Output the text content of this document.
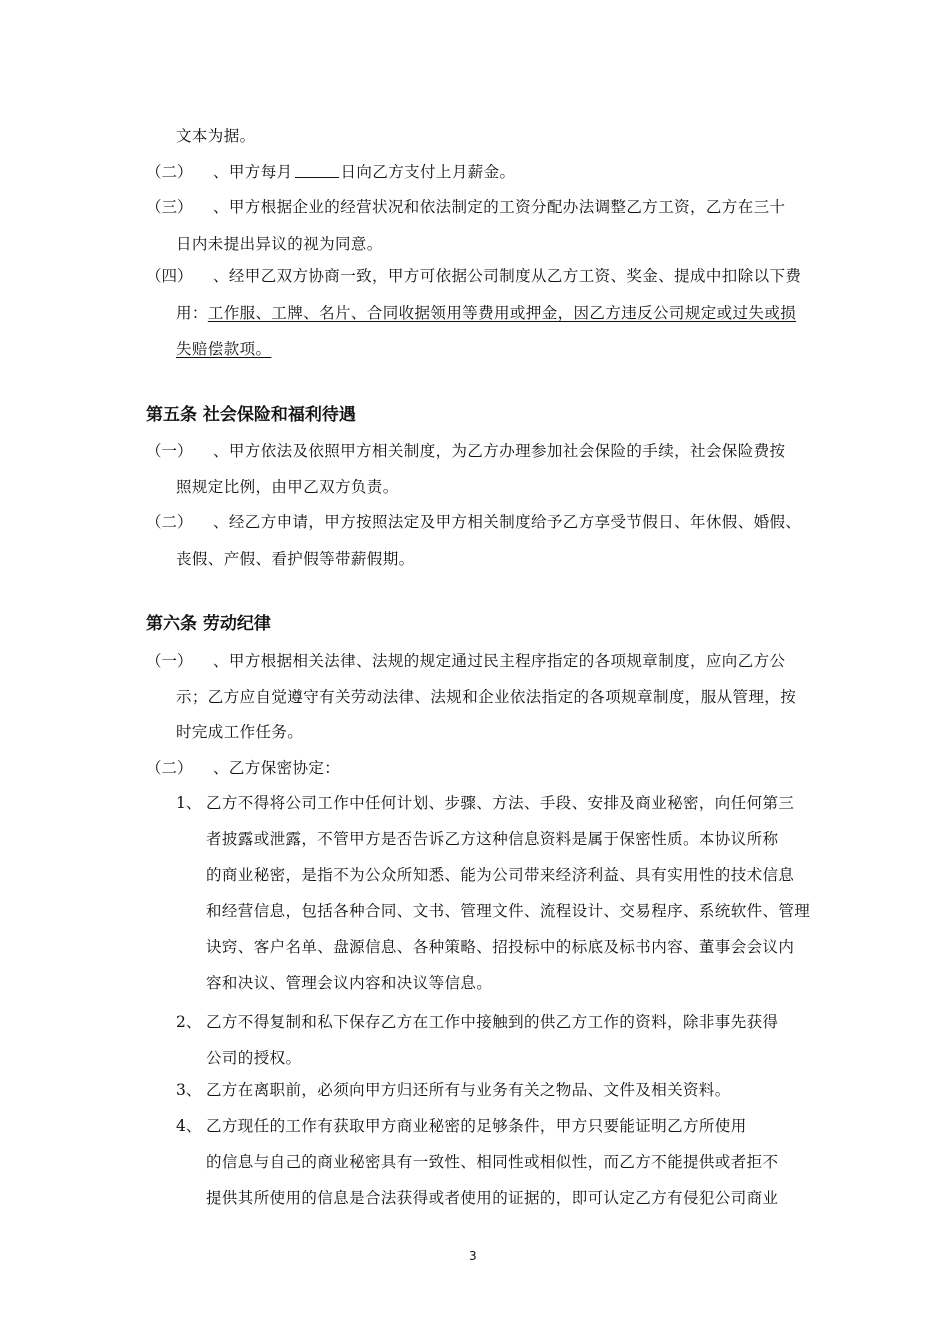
文本为据。
（二） 、甲方每月	日向乙方支付上月薪金。
（三） 、甲方根据企业的经营状况和依法制定的工资分配办法调整乙方工资，乙方在三十
日内未提出异议的视为同意。
（四） 、经甲乙双方协商一致，甲方可依据公司制度从乙方工资、奖金、提成中扣除以下费
用：工作服、工牌、名片、合同收据领用等费用或押金，因乙方违反公司规定或过失或损
失赔偿款项。
第五条 社会保险和福利待遇
（一） 、甲方依法及依照甲方相关制度，为乙方办理参加社会保险的手续，社会保险费按
照规定比例，由甲乙双方负责。
（二） 、经乙方申请，甲方按照法定及甲方相关制度给予乙方享受节假日、年休假、婚假、
丧假、产假、看护假等带薪假期。
第六条 劳动纪律
（一） 、甲方根据相关法律、法规的规定通过民主程序指定的各项规章制度，应向乙方公
示；乙方应自觉遵守有关劳动法律、法规和企业依法指定的各项规章制度，服从管理，按
时完成工作任务。
（二） 、乙方保密协定：
1、 乙方不得将公司工作中任何计划、步骤、方法、手段、安排及商业秘密，向任何第三
者披露或泄露，不管甲方是否告诉乙方这种信息资料是属于保密性质。本协议所称
的商业秘密，是指不为公众所知悉、能为公司带来经济利益、具有实用性的技术信息
和经营信息，包括各种合同、文书、管理文件、流程设计、交易程序、系统软件、管理
诀窍、客户名单、盘源信息、各种策略、招投标中的标底及标书内容、董事会会议内
容和决议、管理会议内容和决议等信息。
2、 乙方不得复制和私下保存乙方在工作中接触到的供乙方工作的资料，除非事先获得
公司的授权。
3、 乙方在离职前，必须向甲方归还所有与业务有关之物品、文件及相关资料。
4、 乙方现任的工作有获取甲方商业秘密的足够条件，甲方只要能证明乙方所使用
的信息与自己的商业秘密具有一致性、相同性或相似性，而乙方不能提供或者拒不
提供其所使用的信息是合法获得或者使用的证据的，即可认定乙方有侵犯公司商业
3
